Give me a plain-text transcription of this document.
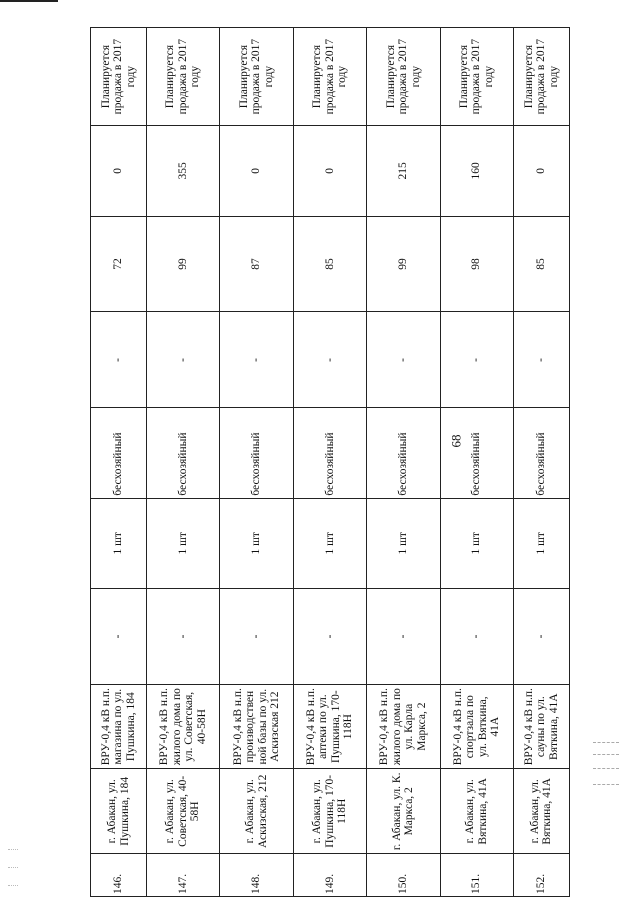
68
146.	г. Абакан, ул. Пушкина, 184	ВРУ-0,4 кВ н.п. магазина по ул. Пушкина, 184	-	1 шт	бесхозяйный	-	72	0	Планируется продажа в 2017 году
147.	г. Абакан, ул. Советская, 40-58Н	ВРУ-0,4 кВ н.п. жилого дома по ул. Советская, 40-58Н	-	1 шт	бесхозяйный	-	99	355	Планируется продажа в 2017 году
148.	г. Абакан, ул. Аскизская, 212	ВРУ-0,4 кВ н.п. производствен ной базы по ул. Аскизская 212	-	1 шт	бесхозяйный	-	87	0	Планируется продажа в 2017 году
149.	г. Абакан, ул. Пушкина, 170-118Н	ВРУ-0,4 кВ н.п. аптеки по ул. Пушкина, 170-118Н	-	1 шт	бесхозяйный	-	85	0	Планируется продажа в 2017 году
150.	г. Абакан, ул. К. Маркса, 2	ВРУ-0,4 кВ н.п. жилого дома по ул. Карла Маркса, 2	-	1 шт	бесхозяйный	-	99	215	Планируется продажа в 2017 году
151.	г. Абакан, ул. Вяткина, 41А	ВРУ-0,4 кВ н.п. спортзала по ул. Вяткина, 41А	-	1 шт	бесхозяйный	-	98	160	Планируется продажа в 2017 году
152.	г. Абакан, ул. Вяткина, 41А	ВРУ-0,4 кВ н.п. сауны по ул. Вяткина, 41А	-	1 шт	бесхозяйный	-	85	0	Планируется продажа в 2017 году
